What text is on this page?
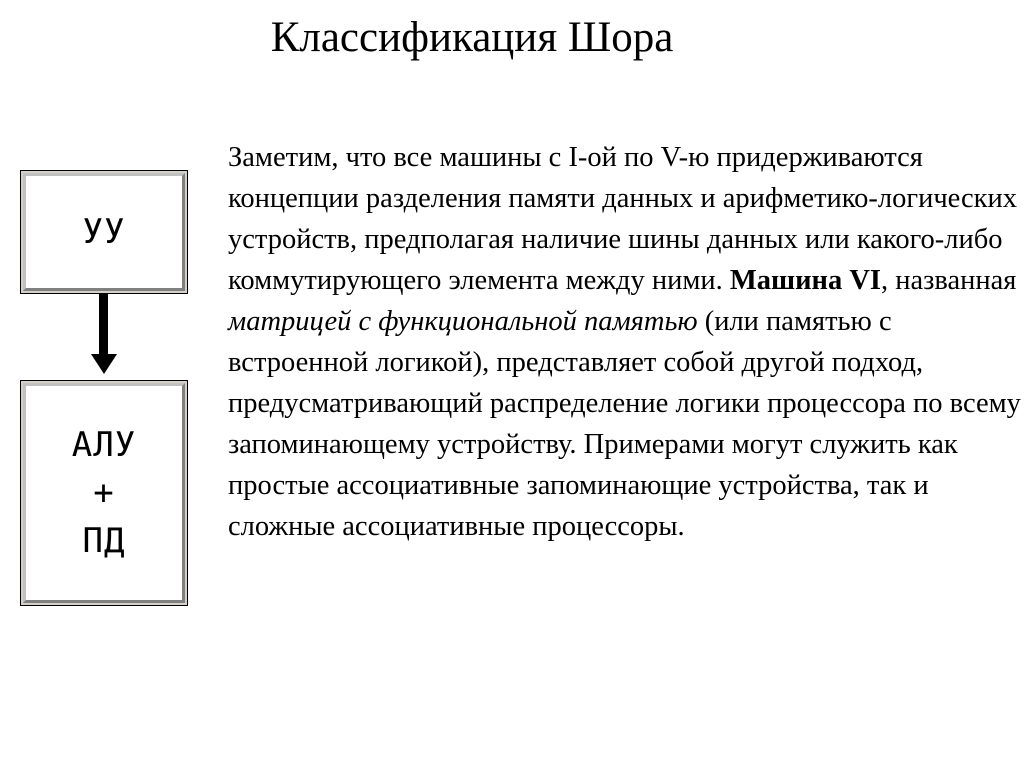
Классификация Шора
УУ
АЛУ
+
ПД

Заметим, что все машины с I-ой по V-ю придерживаются концепции разделения памяти данных и арифметико-логических устройств, предполагая наличие шины данных или какого-либо коммутирующего элемента между ними. Машина VI, названная матрицей с функциональной памятью (или памятью с встроенной логикой), представляет собой другой подход, предусматривающий распределение логики процессора по всему запоминающему устройству. Примерами могут служить как простые ассоциативные запоминающие устройства, так и сложные ассоциативные процессоры.
